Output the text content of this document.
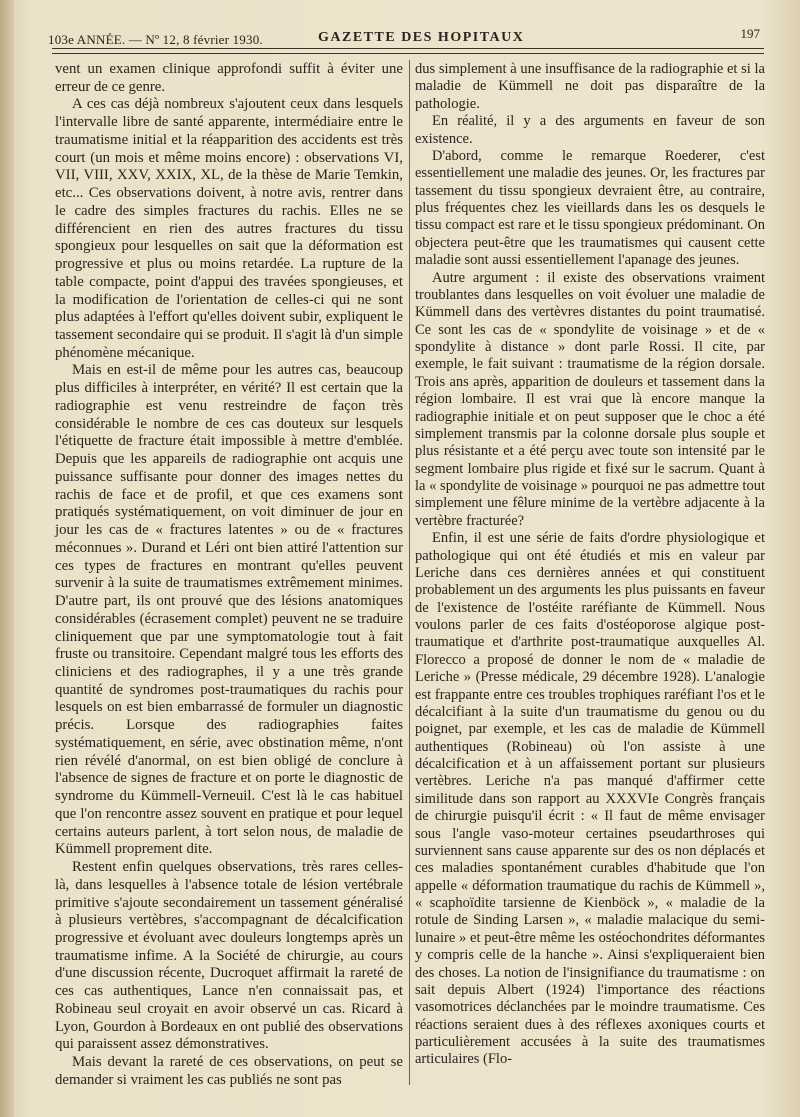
103e ANNÉE. — Nº 12, 8 février 1930.	GAZETTE DES HOPITAUX	197

vent un examen clinique approfondi suffit à éviter une erreur de ce genre.

A ces cas déjà nombreux s'ajoutent ceux dans lesquels l'intervalle libre de santé apparente, intermédiaire entre le traumatisme initial et la réapparition des accidents est très court (un mois et même moins encore) : observations VI, VII, VIII, XXV, XXIX, XL, de la thèse de Marie Temkin, etc... Ces observations doivent, à notre avis, rentrer dans le cadre des simples fractures du rachis. Elles ne se différencient en rien des autres fractures du tissu spongieux pour lesquelles on sait que la déformation est progressive et plus ou moins retardée. La rupture de la table compacte, point d'appui des travées spongieuses, et la modification de l'orientation de celles-ci qui ne sont plus adaptées à l'effort qu'elles doivent subir, expliquent le tassement secondaire qui se produit. Il s'agit là d'un simple phénomène mécanique.

Mais en est-il de même pour les autres cas, beaucoup plus difficiles à interpréter, en vérité? Il est certain que la radiographie est venu restreindre de façon très considérable le nombre de ces cas douteux sur lesquels l'étiquette de fracture était impossible à mettre d'emblée. Depuis que les appareils de radiographie ont acquis une puissance suffisante pour donner des images nettes du rachis de face et de profil, et que ces examens sont pratiqués systématiquement, on voit diminuer de jour en jour les cas de « fractures latentes » ou de « fractures méconnues ». Durand et Léri ont bien attiré l'attention sur ces types de fractures en montrant qu'elles peuvent survenir à la suite de traumatismes extrêmement minimes. D'autre part, ils ont prouvé que des lésions anatomiques considérables (écrasement complet) peuvent ne se traduire cliniquement que par une symptomatologie tout à fait fruste ou transitoire. Cependant malgré tous les efforts des cliniciens et des radiographes, il y a une très grande quantité de syndromes post-traumatiques du rachis pour lesquels on est bien embarrassé de formuler un diagnostic précis. Lorsque des radiographies faites systématiquement, en série, avec obstination même, n'ont rien révélé d'anormal, on est bien obligé de conclure à l'absence de signes de fracture et on porte le diagnostic de syndrome du Kümmell-Verneuil. C'est là le cas habituel que l'on rencontre assez souvent en pratique et pour lequel certains auteurs parlent, à tort selon nous, de maladie de Kümmell proprement dite.

Restent enfin quelques observations, très rares celles-là, dans lesquelles à l'absence totale de lésion vertébrale primitive s'ajoute secondairement un tassement généralisé à plusieurs vertèbres, s'accompagnant de décalcification progressive et évoluant avec douleurs longtemps après un traumatisme infime. A la Société de chirurgie, au cours d'une discussion récente, Ducroquet affirmait la rareté de ces cas authentiques, Lance n'en connaissait pas, et Robineau seul croyait en avoir observé un cas. Ricard à Lyon, Gourdon à Bordeaux en ont publié des observations qui paraissent assez démonstratives.

Mais devant la rareté de ces observations, on peut se demander si vraiment les cas publiés ne sont pas

dus simplement à une insuffisance de la radiographie et si la maladie de Kümmell ne doit pas disparaître de la pathologie.

En réalité, il y a des arguments en faveur de son existence.

D'abord, comme le remarque Roederer, c'est essentiellement une maladie des jeunes. Or, les fractures par tassement du tissu spongieux devraient être, au contraire, plus fréquentes chez les vieillards dans les os desquels le tissu compact est rare et le tissu spongieux prédominant. On objectera peut-être que les traumatismes qui causent cette maladie sont aussi essentiellement l'apanage des jeunes.

Autre argument : il existe des observations vraiment troublantes dans lesquelles on voit évoluer une maladie de Kümmell dans des vertèvres distantes du point traumatisé. Ce sont les cas de « spondylite de voisinage » et de « spondylite à distance » dont parle Rossi. Il cite, par exemple, le fait suivant : traumatisme de la région dorsale. Trois ans après, apparition de douleurs et tassement dans la région lombaire. Il est vrai que là encore manque la radiographie initiale et on peut supposer que le choc a été simplement transmis par la colonne dorsale plus souple et plus résistante et a été perçu avec toute son intensité par le segment lombaire plus rigide et fixé sur le sacrum. Quant à la « spondylite de voisinage » pourquoi ne pas admettre tout simplement une fêlure minime de la vertèbre adjacente à la vertèbre fracturée?

Enfin, il est une série de faits d'ordre physiologique et pathologique qui ont été étudiés et mis en valeur par Leriche dans ces dernières années et qui constituent probablement un des arguments les plus puissants en faveur de l'existence de l'ostéite raréfiante de Kümmell. Nous voulons parler de ces faits d'ostéoporose algique post-traumatique et d'arthrite post-traumatique auxquelles Al. Florecco a proposé de donner le nom de « maladie de Leriche » (Presse médicale, 29 décembre 1928). L'analogie est frappante entre ces troubles trophiques raréfiant l'os et le décalcifiant à la suite d'un traumatisme du genou ou du poignet, par exemple, et les cas de maladie de Kümmell authentiques (Robineau) où l'on assiste à une décalcification et à un affaissement portant sur plusieurs vertèbres. Leriche n'a pas manqué d'affirmer cette similitude dans son rapport au XXXVIe Congrès français de chirurgie puisqu'il écrit : « Il faut de même envisager sous l'angle vaso-moteur certaines pseudarthroses qui surviennent sans cause apparente sur des os non déplacés et ces maladies spontanément curables d'habitude que l'on appelle « déformation traumatique du rachis de Kümmell », « scaphoïdite tarsienne de Kienböck », « maladie de la rotule de Sinding Larsen », « maladie malacique du semi-lunaire » et peut-être même les ostéochondrites déformantes y compris celle de la hanche ». Ainsi s'expliqueraient bien des choses. La notion de l'insignifiance du traumatisme : on sait depuis Albert (1924) l'importance des réactions vasomotrices déclanchées par le moindre traumatisme. Ces réactions seraient dues à des réflexes axoniques courts et particulièrement accusées à la suite des traumatismes articulaires (Flo-
